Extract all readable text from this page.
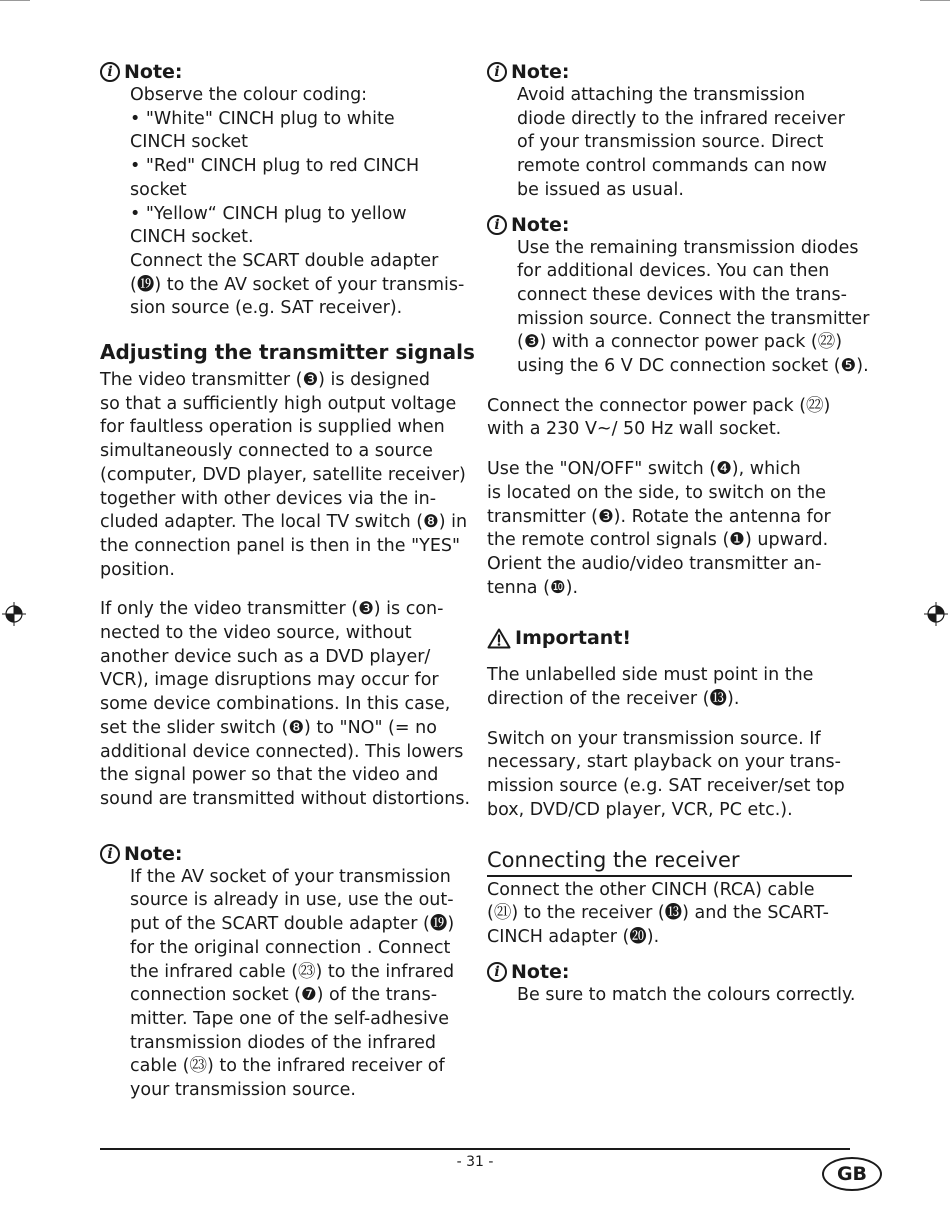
i Note:

Observe the colour coding:

• "White" CINCH plug to white

CINCH socket

• "Red" CINCH plug to red CINCH

socket

• "Yellow“ CINCH plug to yellow

CINCH socket.

Connect the SCART double adapter

(⓳) to the AV socket of your transmis-

sion source (e.g. SAT receiver).

Adjusting the transmitter signals

The video transmitter (❸) is designed

so that a sufficiently high output voltage

for faultless operation is supplied when

simultaneously connected to a source

(computer, DVD player, satellite receiver)

together with other devices via the in-

cluded adapter. The local TV switch (❽) in

the connection panel is then in the "YES"

position.

If only the video transmitter (❸) is con-

nected to the video source, without

another device such as a DVD player/

VCR), image disruptions may occur for

some device combinations. In this case,

set the slider switch (❽) to "NO" (= no

additional device connected). This lowers

the signal power so that the video and

sound are transmitted without distortions.

i Note:

If the AV socket of your transmission

source is already in use, use the out-

put of the SCART double adapter (⓳)

for the original connection . Connect

the infrared cable (㉓) to the infrared

connection socket (❼) of the trans-

mitter. Tape one of the self-adhesive

transmission diodes of the infrared

cable (㉓) to the infrared receiver of

your transmission source.

i Note:

Avoid attaching the transmission

diode directly to the infrared receiver

of your transmission source. Direct

remote control commands can now

be issued as usual.

i Note:

Use the remaining transmission diodes

for additional devices. You can then

connect these devices with the trans-

mission source. Connect the transmitter

(❸) with a connector power pack (㉒)

using the 6 V DC connection socket (❺).

Connect the connector power pack (㉒)

with a 230 V~/ 50 Hz wall socket.

Use the "ON/OFF" switch (❹), which

is located on the side, to switch on the

transmitter (❸). Rotate the antenna for

the remote control signals (❶) upward.

Orient the audio/video transmitter an-

tenna (❿).

Important!

The unlabelled side must point in the

direction of the receiver (⓭).

Switch on your transmission source. If

necessary, start playback on your trans-

mission source (e.g. SAT receiver/set top

box, DVD/CD player, VCR, PC etc.).

Connecting the receiver

Connect the other CINCH (RCA) cable

(㉑) to the receiver (⓭) and the SCART-

CINCH adapter (⓴).

i Note:

Be sure to match the colours correctly.

- 31 -
GB
